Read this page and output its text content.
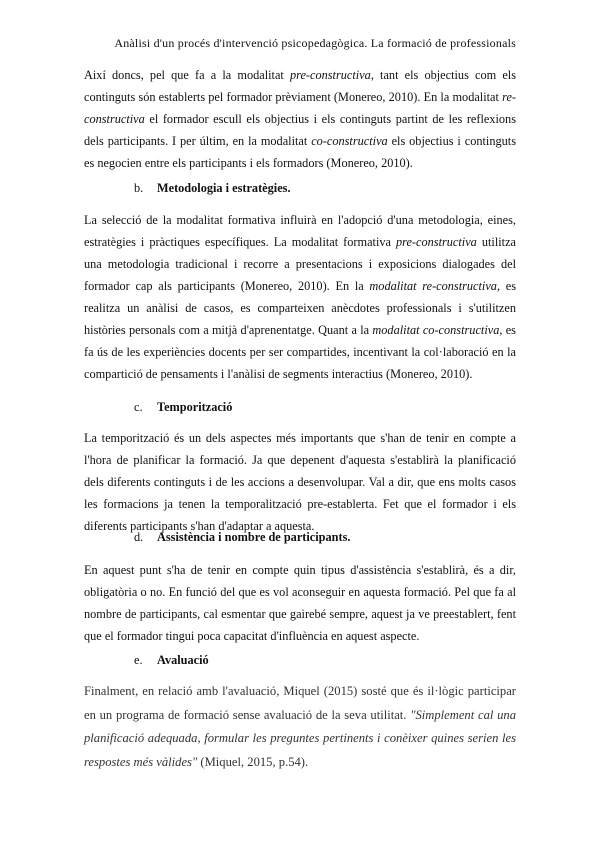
Anàlisi d'un procés d'intervenció psicopedagògica. La formació de professionals
Així doncs, pel que fa a la modalitat pre-constructiva, tant els objectius com els continguts són establerts pel formador prèviament (Monereo, 2010). En la modalitat re-constructiva el formador escull els objectius i els continguts partint de les reflexions dels participants. I per últim, en la modalitat co-constructiva els objectius i continguts es negocien entre els participants i els formadors (Monereo, 2010).
b. Metodologia i estratègies.
La selecció de la modalitat formativa influirà en l'adopció d'una metodologia, eines, estratègies i pràctiques específiques. La modalitat formativa pre-constructiva utilitza una metodologia tradicional i recorre a presentacions i exposicions dialogades del formador cap als participants (Monereo, 2010). En la modalitat re-constructiva, es realitza un anàlisi de casos, es comparteixen anècdotes professionals i s'utilitzen històries personals com a mitjà d'aprenentatge. Quant a la modalitat co-constructiva, es fa ús de les experiències docents per ser compartides, incentivant la col·laboració en la compartició de pensaments i l'anàlisi de segments interactius (Monereo, 2010).
c. Temporització
La temporització és un dels aspectes més importants que s'han de tenir en compte a l'hora de planificar la formació. Ja que depenent d'aquesta s'establirà la planificació dels diferents continguts i de les accions a desenvolupar. Val a dir, que ens molts casos les formacions ja tenen la temporalització pre-establerta. Fet que el formador i els diferents participants s'han d'adaptar a aquesta.
d. Assistència i nombre de participants.
En aquest punt s'ha de tenir en compte quin tipus d'assistència s'establirà, és a dir, obligatòria o no. En funció del que es vol aconseguir en aquesta formació. Pel que fa al nombre de participants, cal esmentar que gairebé sempre, aquest ja ve preestablert, fent que el formador tingui poca capacitat d'influència en aquest aspecte.
e. Avaluació
Finalment, en relació amb l'avaluació, Miquel (2015) sosté que és il·lògic participar en un programa de formació sense avaluació de la seva utilitat. "Simplement cal una planificació adequada, formular les preguntes pertinents i conèixer quines serien les respostes més vàlides" (Miquel, 2015, p.54).
